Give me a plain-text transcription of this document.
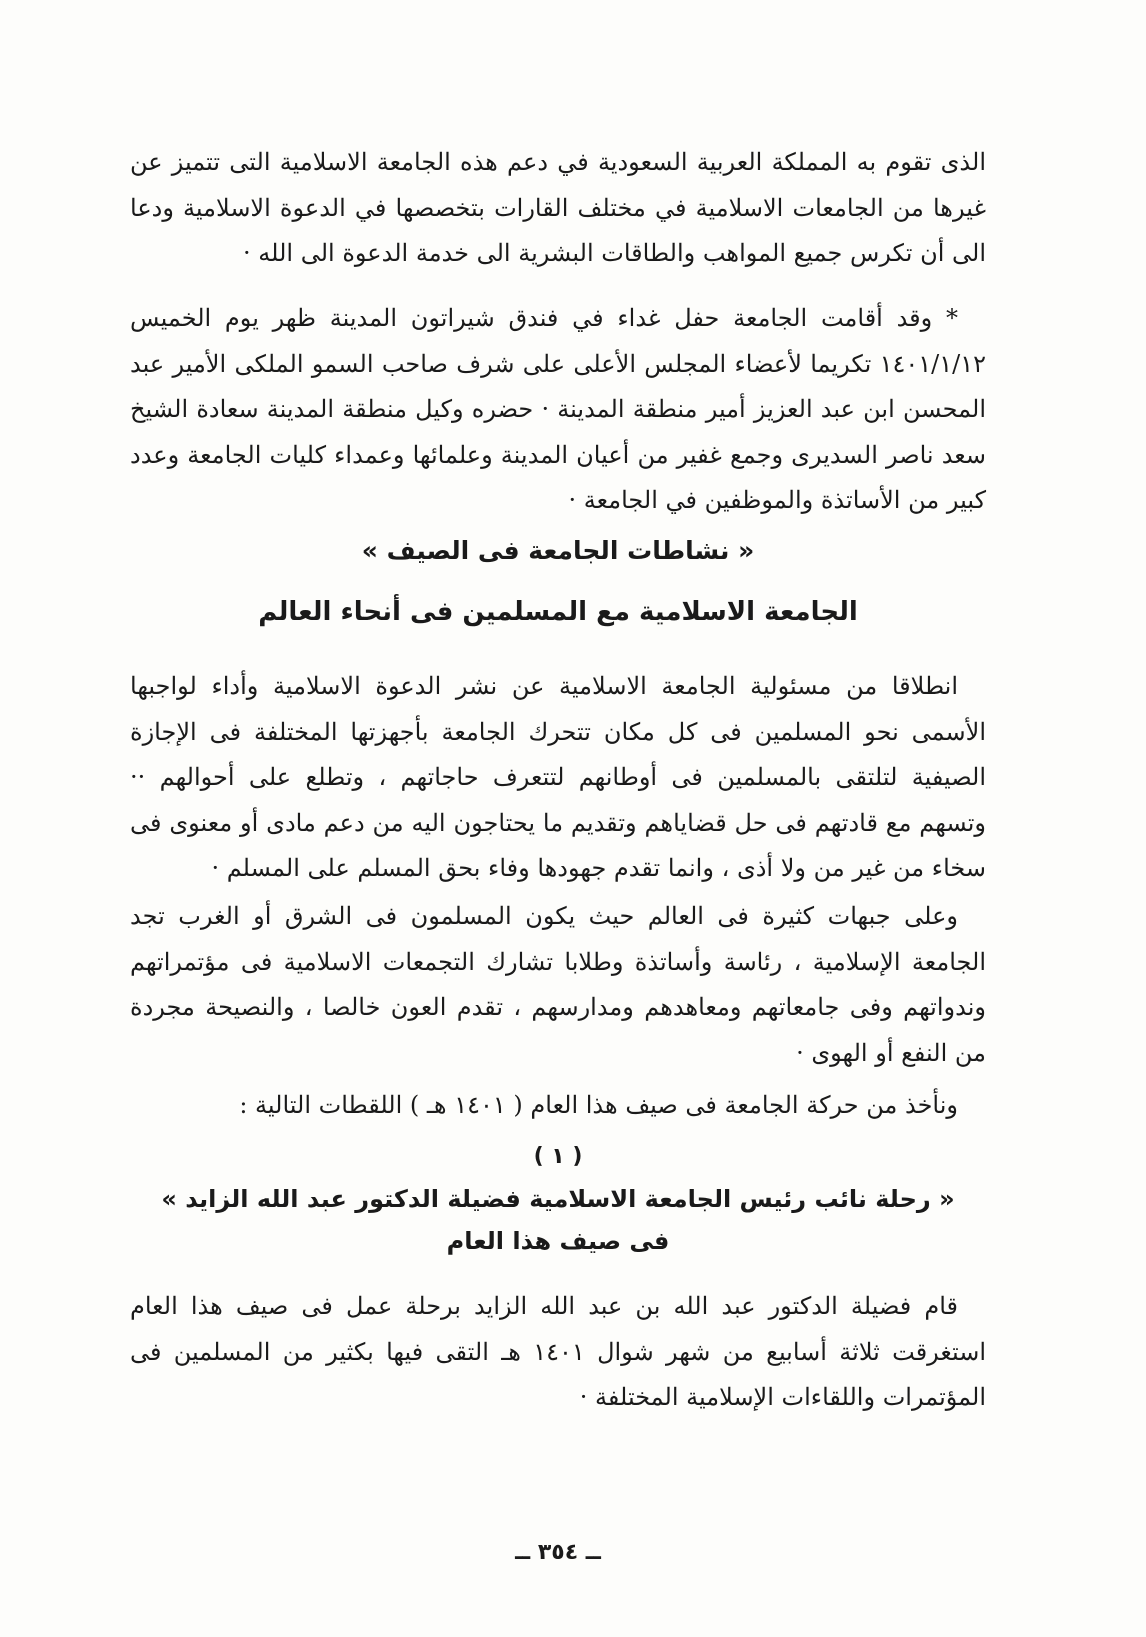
الذى تقوم به المملكة العربية السعودية في دعم هذه الجامعة الاسلامية التى تتميز عن غيرها من الجامعات الاسلامية في مختلف القارات بتخصصها في الدعوة الاسلامية ودعا الى أن تكرس جميع المواهب والطاقات البشرية الى خدمة الدعوة الى الله ·

* وقد أقامت الجامعة حفل غداء في فندق شيراتون المدينة ظهر يوم الخميس ١٤٠١/١/١٢ تكريما لأعضاء المجلس الأعلى على شرف صاحب السمو الملكى الأمير عبد المحسن ابن عبد العزيز أمير منطقة المدينة · حضره وكيل منطقة المدينة سعادة الشيخ سعد ناصر السديرى وجمع غفير من أعيان المدينة وعلمائها وعمداء كليات الجامعة وعدد كبير من الأساتذة والموظفين في الجامعة ·

« نشاطات الجامعة فى الصيف »
الجامعة الاسلامية مع المسلمين فى أنحاء العالم

انطلاقا من مسئولية الجامعة الاسلامية عن نشر الدعوة الاسلامية وأداء لواجبها الأسمى نحو المسلمين فى كل مكان تتحرك الجامعة بأجهزتها المختلفة فى الإجازة الصيفية لتلتقى بالمسلمين فى أوطانهم لتتعرف حاجاتهم ، وتطلع على أحوالهم ·· وتسهم مع قادتهم فى حل قضاياهم وتقديم ما يحتاجون اليه من دعم مادى أو معنوى فى سخاء من غير من ولا أذى ، وانما تقدم جهودها وفاء بحق المسلم على المسلم ·

وعلى جبهات كثيرة فى العالم حيث يكون المسلمون فى الشرق أو الغرب تجد الجامعة الإسلامية ، رئاسة وأساتذة وطلابا تشارك التجمعات الاسلامية فى مؤتمراتهم وندواتهم وفى جامعاتهم ومعاهدهم ومدارسهم ، تقدم العون خالصا ، والنصيحة مجردة من النفع أو الهوى ·

ونأخذ من حركة الجامعة فى صيف هذا العام ( ١٤٠١ هـ ) اللقطات التالية :

( ١ )
« رحلة نائب رئيس الجامعة الاسلامية فضيلة الدكتور عبد الله الزايد »
فى صيف هذا العام

قام فضيلة الدكتور عبد الله بن عبد الله الزايد برحلة عمل فى صيف هذا العام استغرقت ثلاثة أسابيع من شهر شوال ١٤٠١ هـ التقى فيها بكثير من المسلمين فى المؤتمرات واللقاءات الإسلامية المختلفة ·

ــ ٣٥٤ ــ
